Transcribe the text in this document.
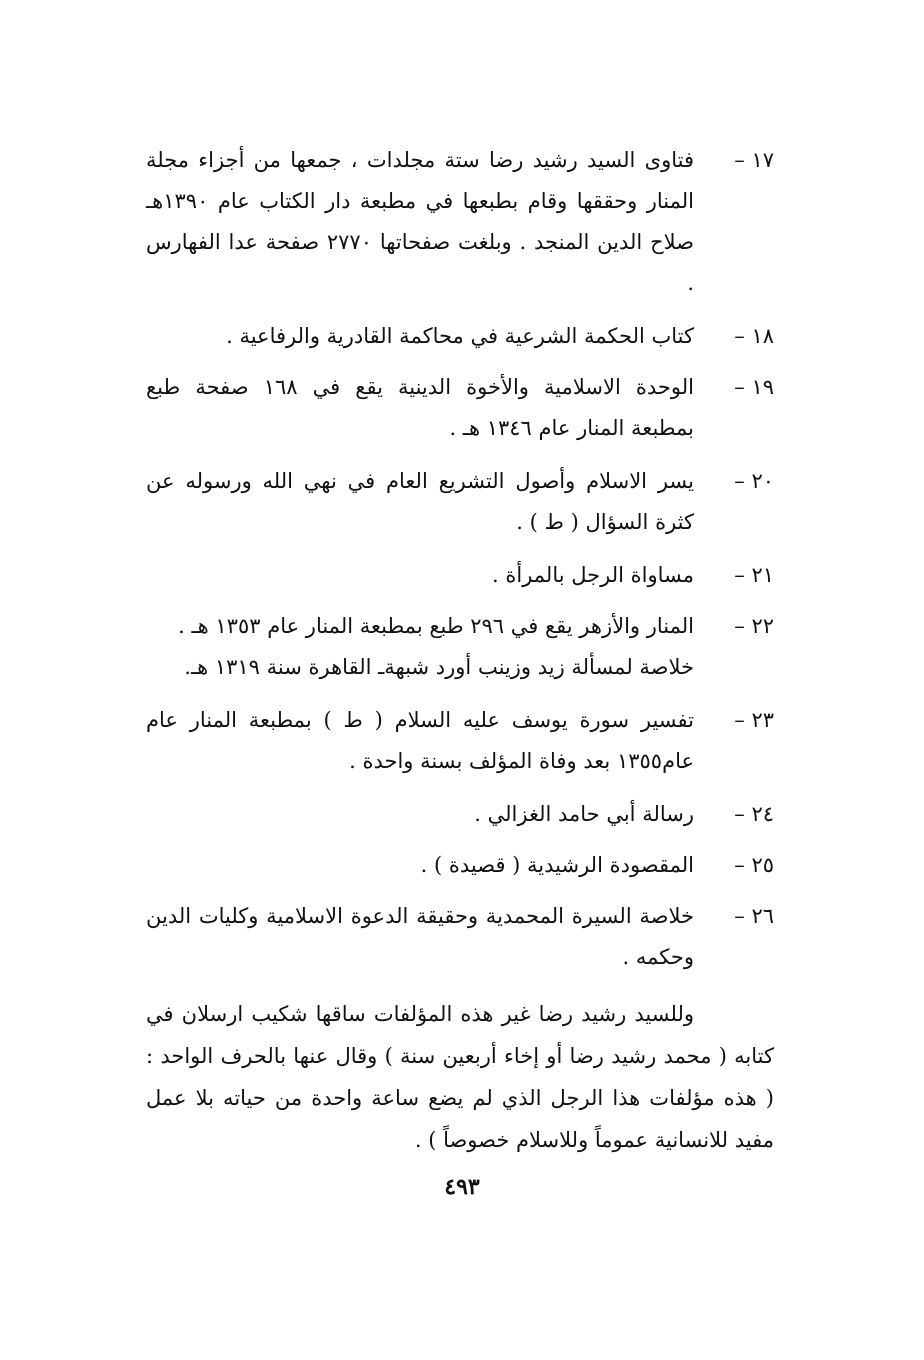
١٧ –
فتاوى السيد رشيد رضا ستة مجلدات ، جمعها من أجزاء مجلة المنار وحققها وقام بطبعها في مطبعة دار الكتاب عام ١٣٩٠هـ صلاح الدين المنجد . وبلغت صفحاتها ٢٧٧٠ صفحة عدا الفهارس .
١٨ –
كتاب الحكمة الشرعية في محاكمة القادرية والرفاعية .
١٩ –
الوحدة الاسلامية والأخوة الدينية يقع في ١٦٨ صفحة طبع بمطبعة المنار عام ١٣٤٦ هـ .
٢٠ –
يسر الاسلام وأصول التشريع العام في نهي الله ورسوله عن كثرة السؤال ( ط ) .
٢١ –
مساواة الرجل بالمرأة .
٢٢ –
المنار والأزهر يقع في ٢٩٦ طبع بمطبعة المنار عام ١٣٥٣ هـ .
خلاصة لمسألة زيد وزينب أورد شبهةـ القاهرة سنة ١٣١٩ هـ.
٢٣ –
تفسير سورة يوسف عليه السلام ( ط ) بمطبعة المنار عام عام١٣٥٥ بعد وفاة المؤلف بسنة واحدة .
٢٤ –
رسالة أبي حامد الغزالي .
٢٥ –
المقصودة الرشيدية ( قصيدة ) .
٢٦ –
خلاصة السيرة المحمدية وحقيقة الدعوة الاسلامية وكليات الدين وحكمه .

وللسيد رشيد رضا غير هذه المؤلفات ساقها شكيب ارسلان في كتابه ( محمد رشيد رضا أو إخاء أربعين سنة ) وقال عنها بالحرف الواحد : ( هذه مؤلفات هذا الرجل الذي لم يضع ساعة واحدة من حياته بلا عمل مفيد للانسانية عموماً وللاسلام خصوصاً ) .

٤٩٣
